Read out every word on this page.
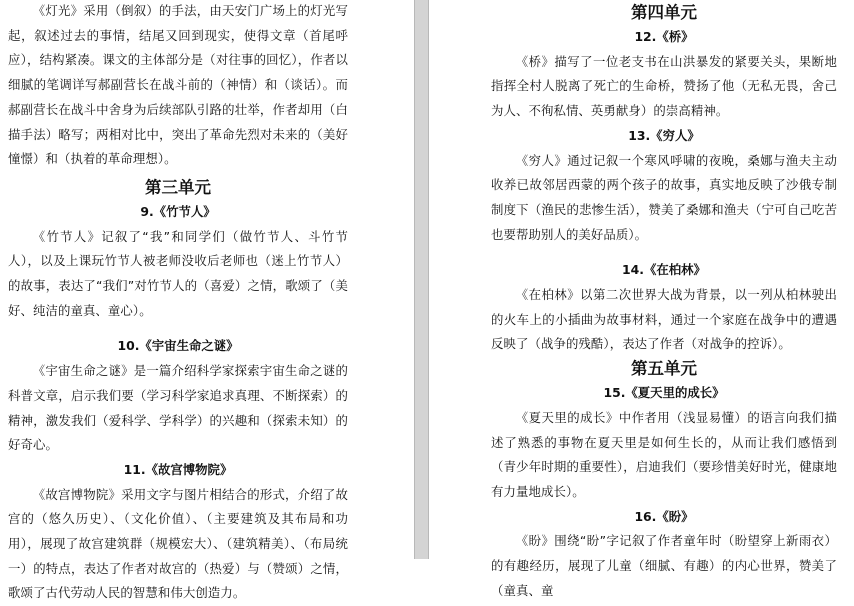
《灯光》采用（倒叙）的手法，由天安门广场上的灯光写起，叙述过去的事情，结尾又回到现实，使得文章（首尾呼应），结构紧凑。课文的主体部分是（对往事的回忆），作者以细腻的笔调详写郝副营长在战斗前的（神情）和（谈话）。而郝副营长在战斗中舍身为后续部队引路的壮举，作者却用（白描手法）略写；两相对比中，突出了革命先烈对未来的（美好憧憬）和（执着的革命理想）。

第三单元
9.《竹节人》

《竹节人》记叙了“我”和同学们（做竹节人、斗竹节人），以及上课玩竹节人被老师没收后老师也（迷上竹节人）的故事，表达了“我们”对竹节人的（喜爱）之情，歌颂了（美好、纯洁的童真、童心）。

10.《宇宙生命之谜》

《宇宙生命之谜》是一篇介绍科学家探索宇宙生命之谜的科普文章，启示我们要（学习科学家追求真理、不断探索）的精神，激发我们（爱科学、学科学）的兴趣和（探索未知）的好奇心。

11.《故宫博物院》

《故宫博物院》采用文字与图片相结合的形式，介绍了故宫的（悠久历史）、（文化价值）、（主要建筑及其布局和功用），展现了故宫建筑群（规模宏大）、（建筑精美）、（布局统一）的特点，表达了作者对故宫的（热爱）与（赞颂）之情，歌颂了古代劳动人民的智慧和伟大创造力。

第四单元
12.《桥》

《桥》描写了一位老支书在山洪暴发的紧要关头，果断地指挥全村人脱离了死亡的生命桥，赞扬了他（无私无畏，舍己为人、不徇私情、英勇献身）的崇高精神。

13.《穷人》

《穷人》通过记叙一个寒风呼啸的夜晚，桑娜与渔夫主动收养已故邻居西蒙的两个孩子的故事，真实地反映了沙俄专制制度下（渔民的悲惨生活），赞美了桑娜和渔夫（宁可自己吃苦也要帮助别人的美好品质）。

14.《在柏林》

《在柏林》以第二次世界大战为背景，以一列从柏林驶出的火车上的小插曲为故事材料，通过一个家庭在战争中的遭遇反映了（战争的残酷），表达了作者（对战争的控诉）。

第五单元
15.《夏天里的成长》

《夏天里的成长》中作者用（浅显易懂）的语言向我们描述了熟悉的事物在夏天里是如何生长的，从而让我们感悟到（青少年时期的重要性），启迪我们（要珍惜美好时光，健康地有力量地成长）。

16.《盼》

《盼》围绕“盼”字记叙了作者童年时（盼望穿上新雨衣）的有趣经历，展现了儿童（细腻、有趣）的内心世界，赞美了（童真、童
